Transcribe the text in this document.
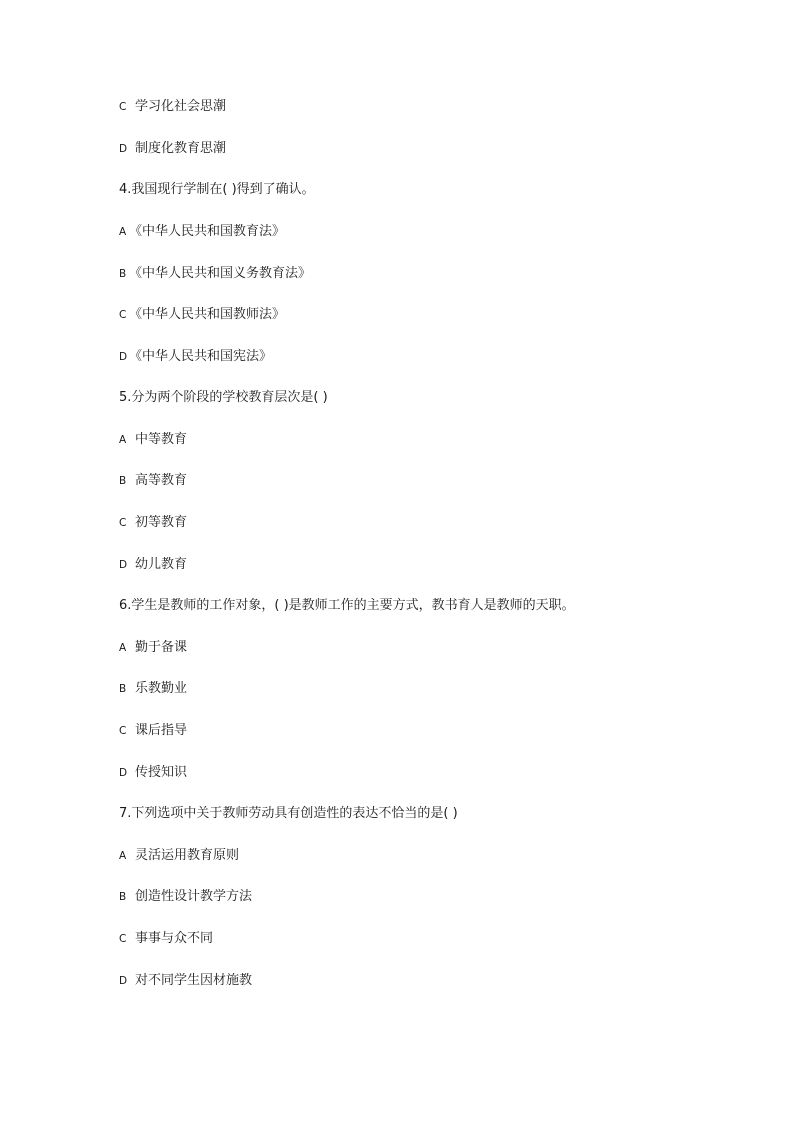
C 学习化社会思潮
D 制度化教育思潮
4.我国现行学制在( )得到了确认。
A 《中华人民共和国教育法》
B 《中华人民共和国义务教育法》
C 《中华人民共和国教师法》
D 《中华人民共和国宪法》
5.分为两个阶段的学校教育层次是( )
A 中等教育
B 高等教育
C 初等教育
D 幼儿教育
6.学生是教师的工作对象，( )是教师工作的主要方式，教书育人是教师的天职。
A 勤于备课
B 乐教勤业
C 课后指导
D 传授知识
7.下列选项中关于教师劳动具有创造性的表达不恰当的是( )
A 灵活运用教育原则
B 创造性设计教学方法
C 事事与众不同
D 对不同学生因材施教
